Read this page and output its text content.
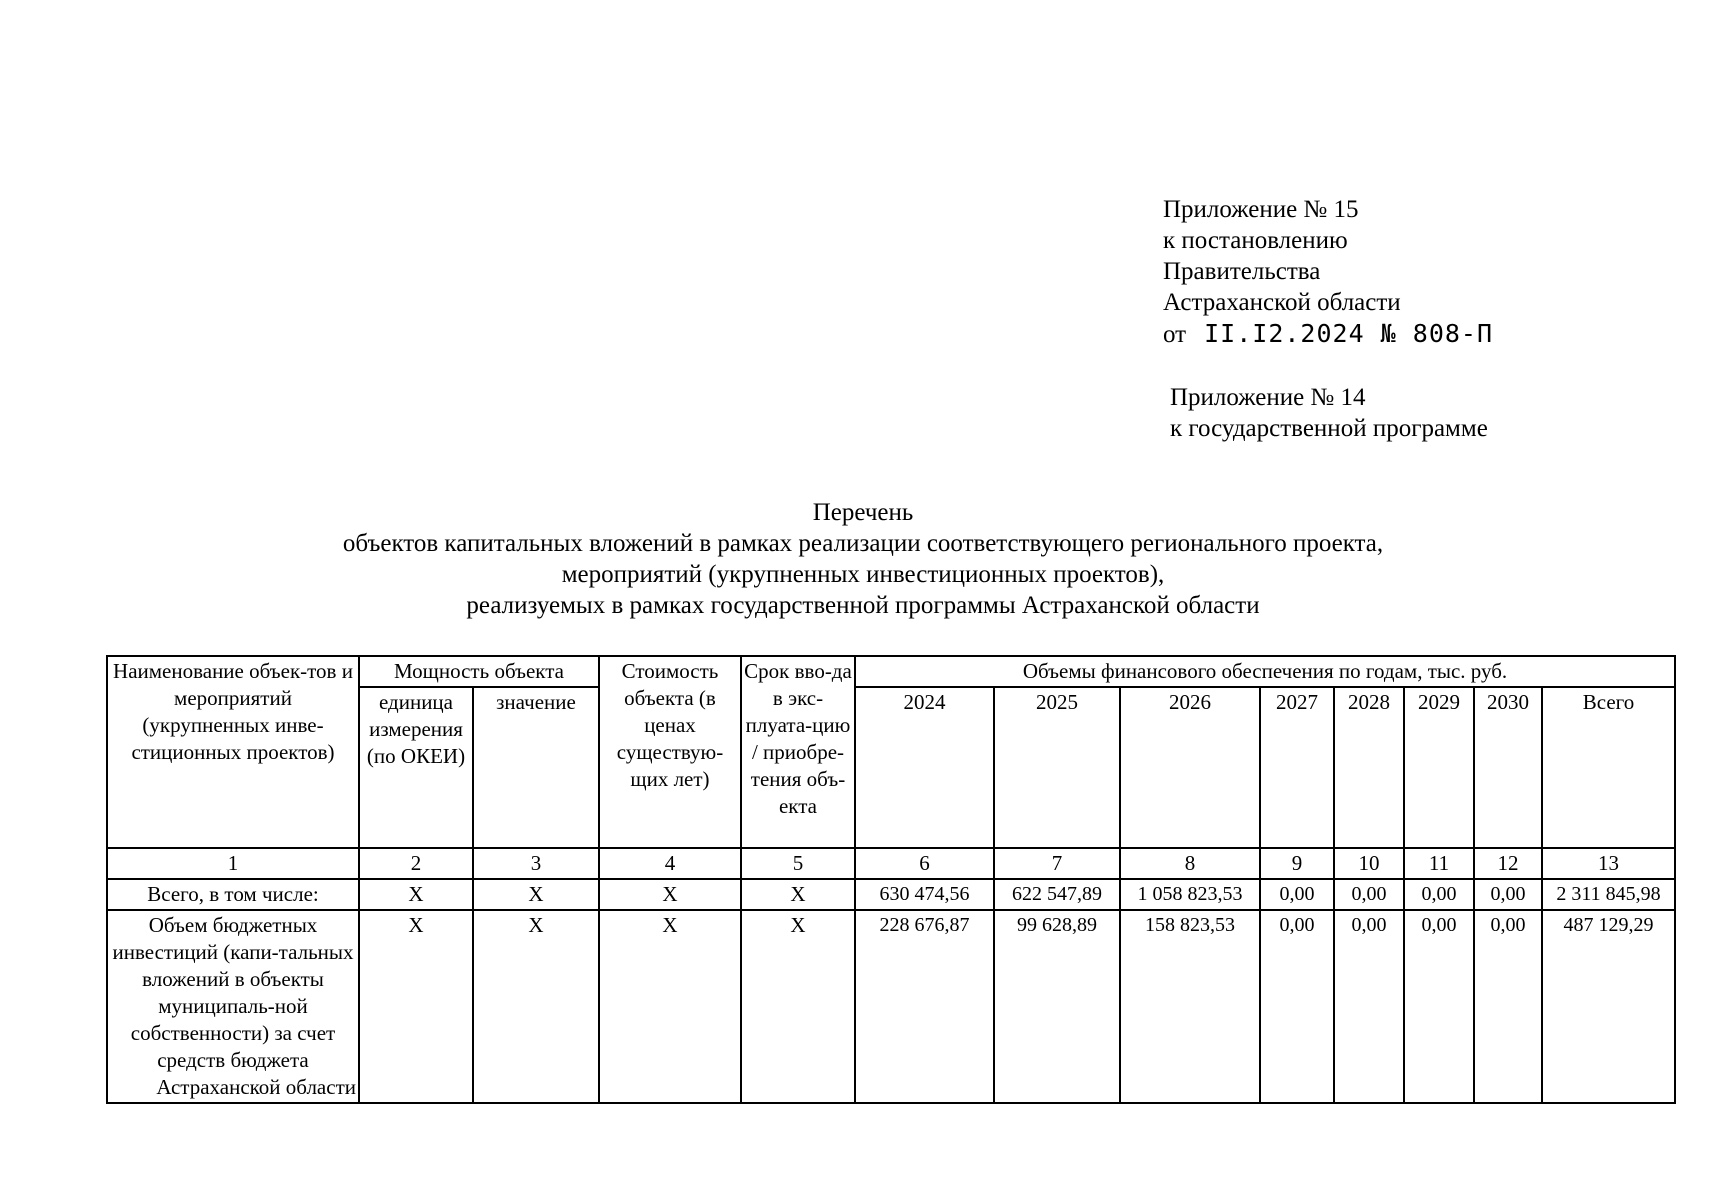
Приложение № 15
к постановлению
Правительства
Астраханской области
от II.I2.2024 № 808-П
Приложение № 14
к государственной программе
Перечень
объектов капитальных вложений в рамках реализации соответствующего регионального проекта,
мероприятий (укрупненных инвестиционных проектов),
реализуемых в рамках государственной программы Астраханской области
Наименование объек-тов и мероприятий (укрупненных инве-стиционных проектов)	Мощность объекта		Стоимость объекта (в ценах существую-щих лет)	Срок вво-да в экс-плуата-цию / приобре-тения объ-екта	Объемы финансового обеспечения по годам, тыс. руб.							
	единица измерения (по ОКЕИ)	значение			2024	2025	2026	2027	2028	2029	2030	Всего
1	2	3	4	5	6	7	8	9	10	11	12	13
Всего, в том числе:	X	X	X	X	630 474,56	622 547,89	1 058 823,53	0,00	0,00	0,00	0,00	2 311 845,98
Объем бюджетных инвестиций (капи-тальных вложений в объекты муниципаль-ной собственности) за счет средств бюджета Астраханской области	X	X	X	X	228 676,87	99 628,89	158 823,53	0,00	0,00	0,00	0,00	487 129,29
